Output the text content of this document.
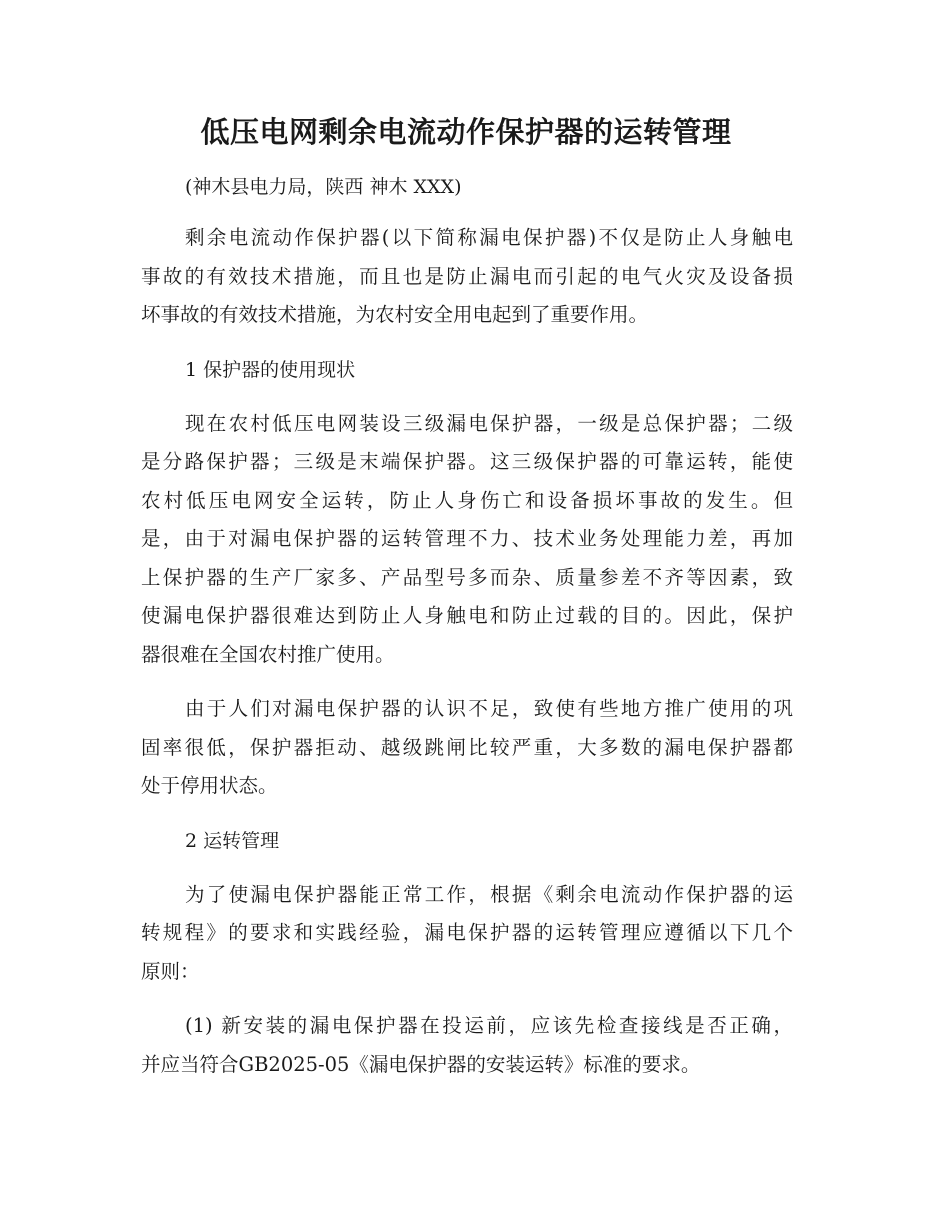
低压电网剩余电流动作保护器的运转管理
(神木县电力局，陕西 神木 XXX)
剩余电流动作保护器(以下简称漏电保护器)不仅是防止人身触电
事故的有效技术措施，而且也是防止漏电而引起的电气火灾及设备损
坏事故的有效技术措施，为农村安全用电起到了重要作用。
1 保护器的使用现状
现在农村低压电网装设三级漏电保护器，一级是总保护器；二级
是分路保护器；三级是末端保护器。这三级保护器的可靠运转，能使
农村低压电网安全运转，防止人身伤亡和设备损坏事故的发生。但
是，由于对漏电保护器的运转管理不力、技术业务处理能力差，再加
上保护器的生产厂家多、产品型号多而杂、质量参差不齐等因素，致
使漏电保护器很难达到防止人身触电和防止过载的目的。因此，保护
器很难在全国农村推广使用。
由于人们对漏电保护器的认识不足，致使有些地方推广使用的巩
固率很低，保护器拒动、越级跳闸比较严重，大多数的漏电保护器都
处于停用状态。
2 运转管理
为了使漏电保护器能正常工作，根据《剩余电流动作保护器的运
转规程》的要求和实践经验，漏电保护器的运转管理应遵循以下几个
原则：
(1) 新安装的漏电保护器在投运前，应该先检查接线是否正确，
并应当符合GB2025-05《漏电保护器的安装运转》标准的要求。
